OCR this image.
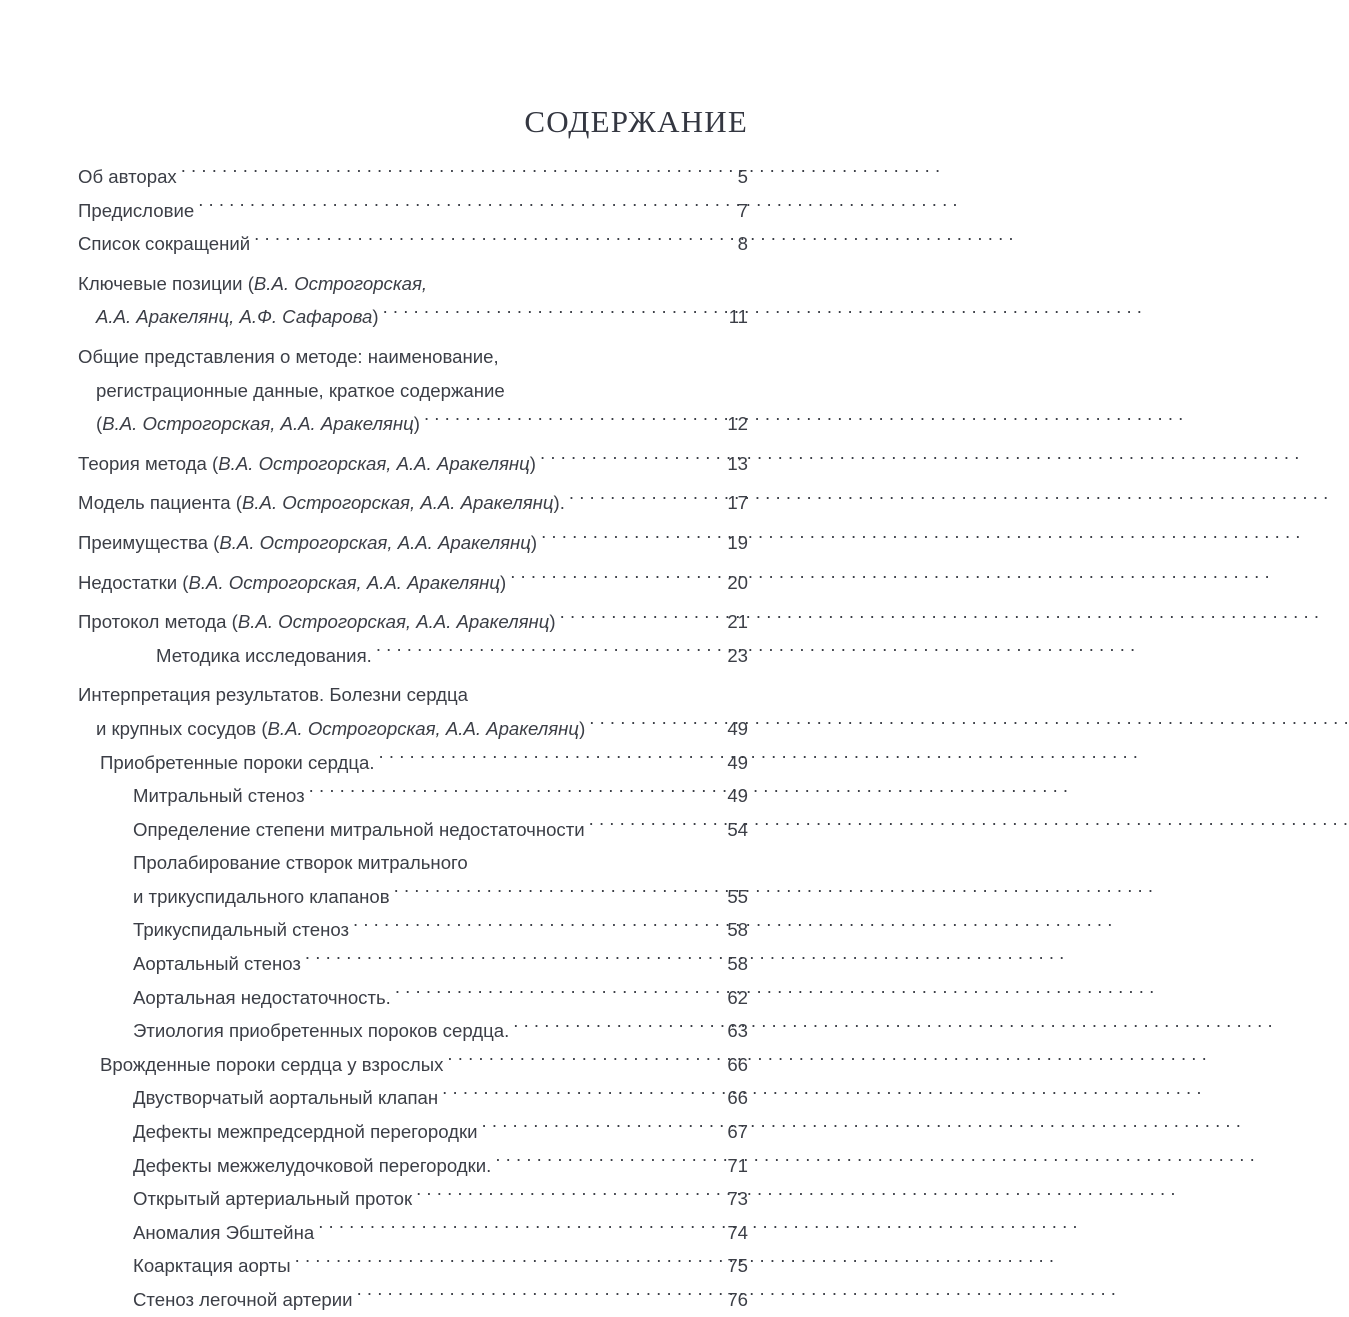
СОДЕРЖАНИЕ
Об авторах . . .	5
Предисловие . . .	7
Список сокращений . . .	8
Ключевые позиции (В.А. Острогорская,
А.А. Аракелянц, А.Ф. Сафарова) . . .	11
Общие представления о методе: наименование,
регистрационные данные, краткое содержание
(В.А. Острогорская, А.А. Аракелянц) . . .	12
Теория метода (В.А. Острогорская, А.А. Аракелянц) . . .	13
Модель пациента (В.А. Острогорская, А.А. Аракелянц). . . .	17
Преимущества (В.А. Острогорская, А.А. Аракелянц) . . .	19
Недостатки (В.А. Острогорская, А.А. Аракелянц) . . .	20
Протокол метода (В.А. Острогорская, А.А. Аракелянц) . . .	21
Методика исследования. . . .	23
Интерпретация результатов. Болезни сердца
и крупных сосудов (В.А. Острогорская, А.А. Аракелянц) . . .	49
Приобретенные пороки сердца. . . .	49
Митральный стеноз . . .	49
Определение степени митральной недостаточности . . .	54
Пролабирование створок митрального
и трикуспидального клапанов . . .	55
Трикуспидальный стеноз . . .	58
Аортальный стеноз . . .	58
Аортальная недостаточность. . . .	62
Этиология приобретенных пороков сердца. . . .	63
Врожденные пороки сердца у взрослых . . .	66
Двустворчатый аортальный клапан . . .	66
Дефекты межпредсердной перегородки . . .	67
Дефекты межжелудочковой перегородки. . . .	71
Открытый артериальный проток . . .	73
Аномалия Эбштейна . . .	74
Коарктация аорты . . .	75
Стеноз легочной артерии . . .	76
